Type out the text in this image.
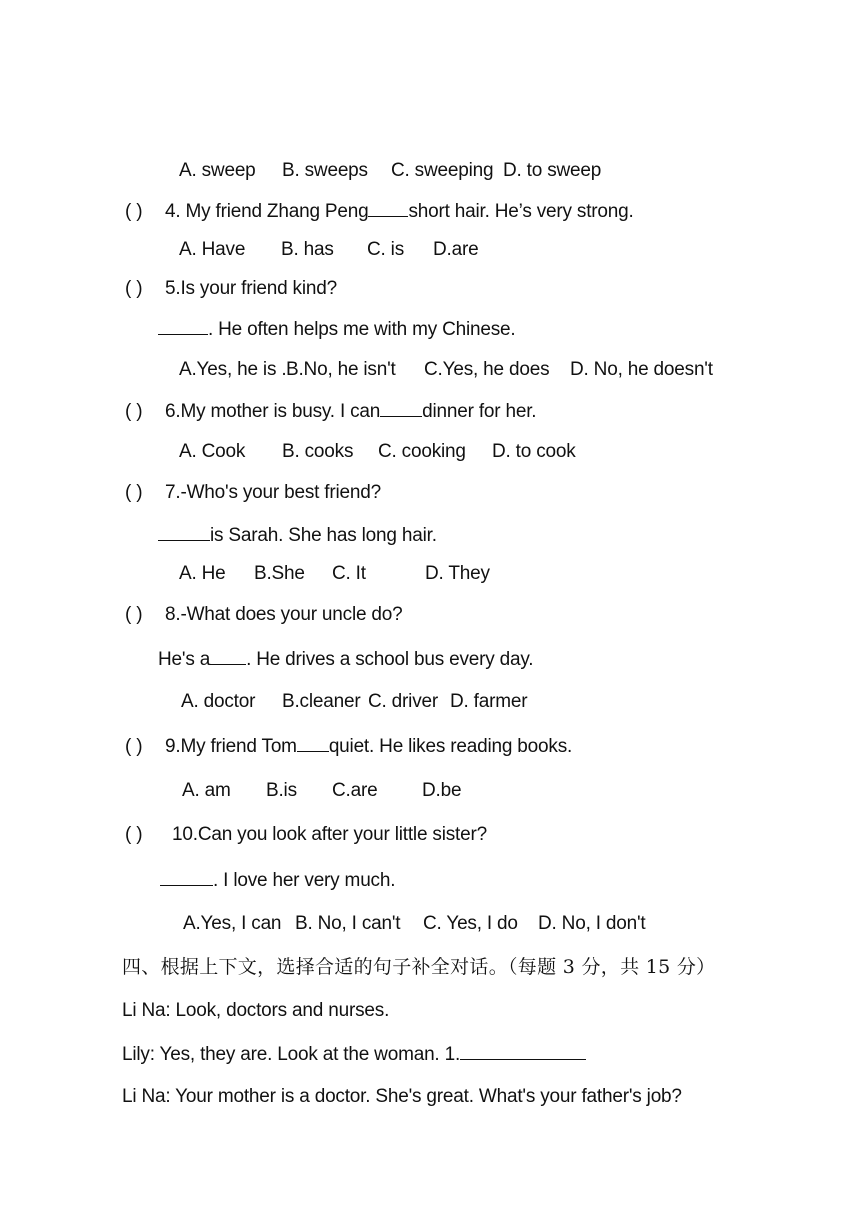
A. sweep B. sweeps C. sweeping D. to sweep
( ) 4. My friend Zhang Peng short hair. He’s very strong.
A. Have B. has C. is D.are
( ) 5.Is your friend kind?
. He often helps me with my Chinese.
A.Yes, he is .B.No, he isn't C.Yes, he does D. No, he doesn't
( ) 6.My mother is busy. I can dinner for her.
A. Cook B. cooks C. cooking D. to cook
( ) 7.-Who's your best friend?
is Sarah. She has long hair.
A. He B.She C. It	D. They
( ) 8.-What does your uncle do?
He's a . He drives a school bus every day.
A. doctor B.cleaner C. driver D. farmer
( ) 9.My friend Tom quiet. He likes reading books.
A. am B.is C.are D.be
( ) 10.Can you look after your little sister?
. I love her very much.
A.Yes, I can B. No, I can't C. Yes, I do D. No, I don't
四、根据上下文，选择合适的句子补全对话。（每题 3 分，共 15 分）
Li Na: Look, doctors and nurses.
Lily: Yes, they are. Look at the woman. 1.
Li Na: Your mother is a doctor. She's great. What's your father's job?
